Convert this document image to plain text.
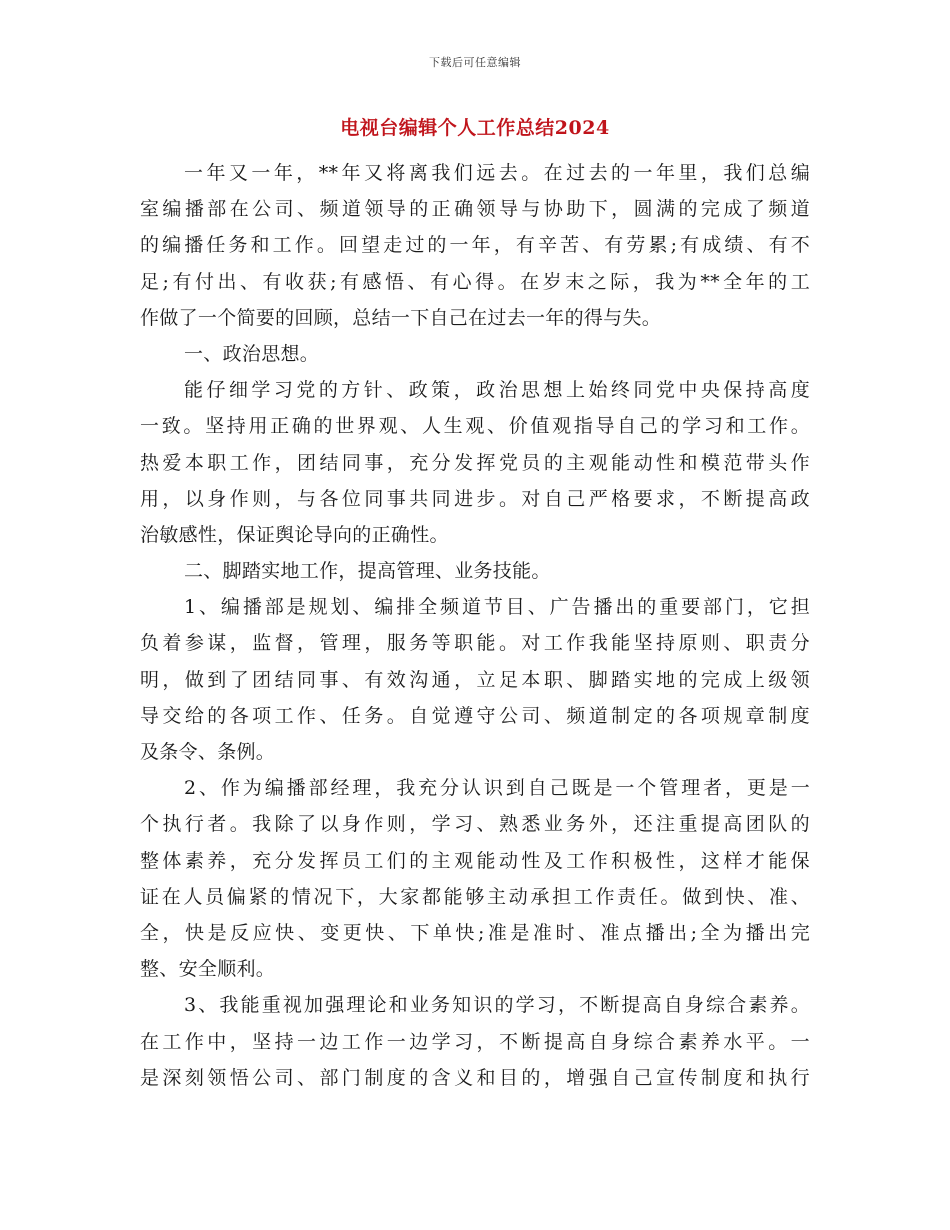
下载后可任意编辑
电视台编辑个人工作总结2024
一年又一年，**年又将离我们远去。在过去的一年里，我们总编
室编播部在公司、频道领导的正确领导与协助下，圆满的完成了频道
的编播任务和工作。回望走过的一年，有辛苦、有劳累;有成绩、有不
足;有付出、有收获;有感悟、有心得。在岁末之际，我为**全年的工
作做了一个简要的回顾，总结一下自己在过去一年的得与失。
一、政治思想。
能仔细学习党的方针、政策，政治思想上始终同党中央保持高度
一致。坚持用正确的世界观、人生观、价值观指导自己的学习和工作。
热爱本职工作，团结同事，充分发挥党员的主观能动性和模范带头作
用，以身作则，与各位同事共同进步。对自己严格要求，不断提高政
治敏感性，保证舆论导向的正确性。
二、脚踏实地工作，提高管理、业务技能。
1、编播部是规划、编排全频道节目、广告播出的重要部门，它担
负着参谋，监督，管理，服务等职能。对工作我能坚持原则、职责分
明，做到了团结同事、有效沟通，立足本职、脚踏实地的完成上级领
导交给的各项工作、任务。自觉遵守公司、频道制定的各项规章制度
及条令、条例。
2、作为编播部经理，我充分认识到自己既是一个管理者，更是一
个执行者。我除了以身作则，学习、熟悉业务外，还注重提高团队的
整体素养，充分发挥员工们的主观能动性及工作积极性，这样才能保
证在人员偏紧的情况下，大家都能够主动承担工作责任。做到快、准、
全，快是反应快、变更快、下单快;准是准时、准点播出;全为播出完
整、安全顺利。
3、我能重视加强理论和业务知识的学习，不断提高自身综合素养。
在工作中，坚持一边工作一边学习，不断提高自身综合素养水平。一
是深刻领悟公司、部门制度的含义和目的，增强自己宣传制度和执行
